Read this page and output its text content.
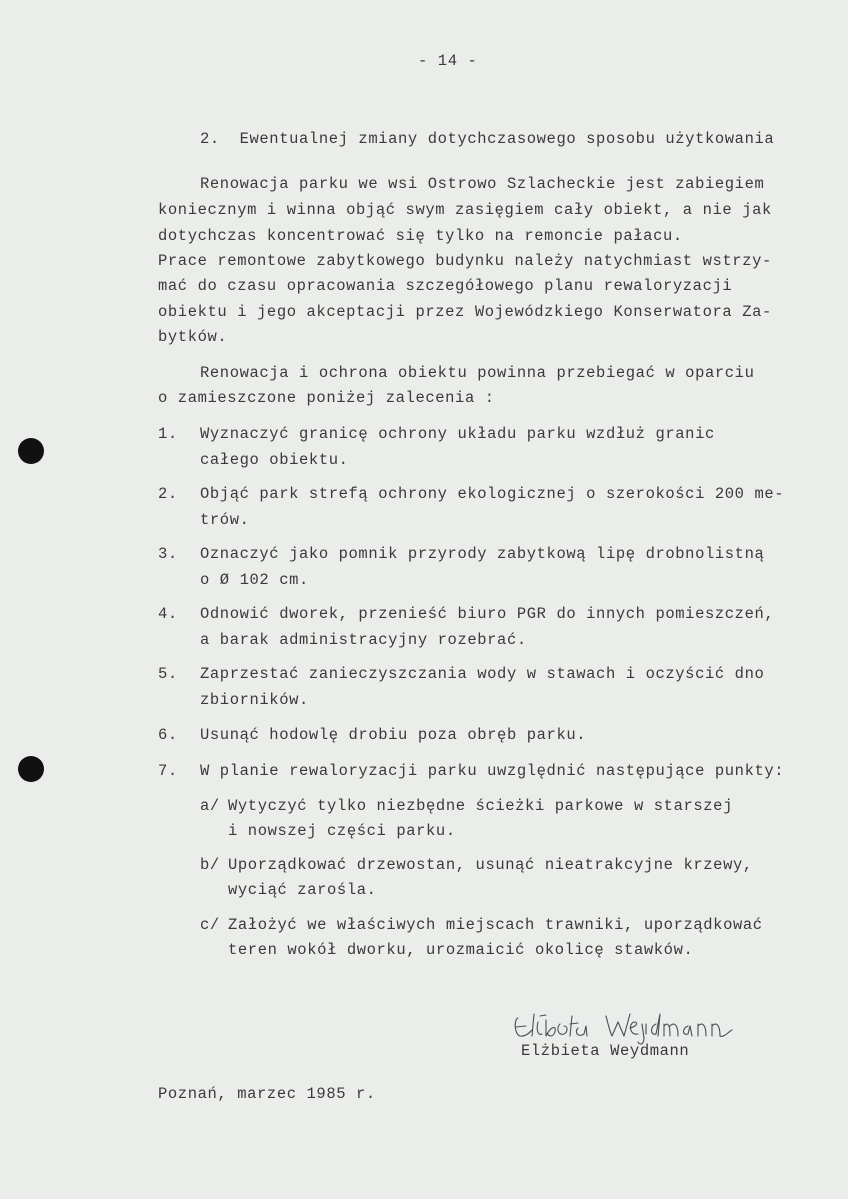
- 14 -
2.  Ewentualnej zmiany dotychczasowego sposobu użytkowania
Renowacja parku we wsi Ostrowo Szlacheckie jest zabiegiem
koniecznym i winna objąć swym zasięgiem cały obiekt, a nie jak
dotychczas koncentrować się tylko na remoncie pałacu.
Prace remontowe zabytkowego budynku należy natychmiast wstrzy-
mać do czasu opracowania szczegółowego planu rewaloryzacji
obiektu i jego akceptacji przez Wojewódzkiego Konserwatora Za-
bytków.
Renowacja i ochrona obiektu powinna przebiegać w oparciu
o zamieszczone poniżej zalecenia :
1. Wyznaczyć granicę ochrony układu parku wzdłuż granic
całego obiektu.
2. Objąć park strefą ochrony ekologicznej o szerokości 200 me-
trów.
3. Oznaczyć jako pomnik przyrody zabytkową lipę drobnolistną
o Ø 102 cm.
4. Odnowić dworek, przenieść biuro PGR do innych pomieszczeń,
a barak administracyjny rozebrać.
5. Zaprzestać zanieczyszczania wody w stawach i oczyścić dno
zbiorników.
6. Usunąć hodowlę drobiu poza obręb parku.
7. W planie rewaloryzacji parku uwzględnić następujące punkty:
a/ Wytyczyć tylko niezbędne ścieżki parkowe w starszej
i nowszej części parku.
b/ Uporządkować drzewostan, usunąć nieatrakcyjne krzewy,
wyciąć zarośla.
c/ Założyć we właściwych miejscach trawniki, uporządkować
teren wokół dworku, urozmaicić okolicę stawków.
Elżbieta Weydmann
Poznań, marzec 1985 r.
